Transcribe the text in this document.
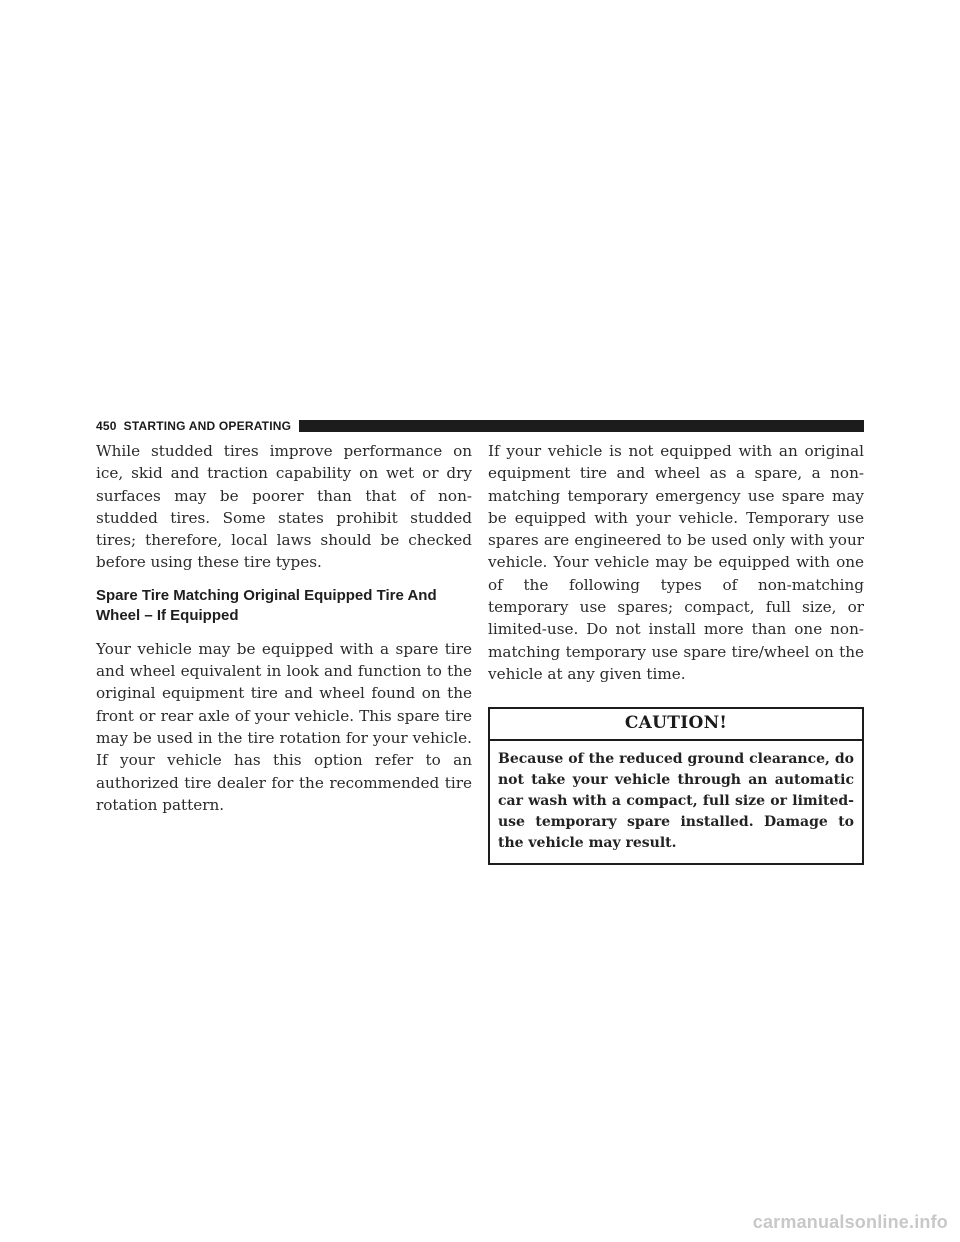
450 STARTING AND OPERATING

While studded tires improve performance on ice, skid and traction capability on wet or dry surfaces may be poorer than that of non-studded tires. Some states prohibit studded tires; therefore, local laws should be checked before using these tire types.

Spare Tire Matching Original Equipped Tire And Wheel – If Equipped

Your vehicle may be equipped with a spare tire and wheel equivalent in look and function to the original equipment tire and wheel found on the front or rear axle of your vehicle. This spare tire may be used in the tire rotation for your vehicle. If your vehicle has this option refer to an authorized tire dealer for the recommended tire rotation pattern.

If your vehicle is not equipped with an original equipment tire and wheel as a spare, a non-matching temporary emergency use spare may be equipped with your vehicle. Temporary use spares are engineered to be used only with your vehicle. Your vehicle may be equipped with one of the following types of non-matching temporary use spares; compact, full size, or limited-use. Do not install more than one non-matching temporary use spare tire/wheel on the vehicle at any given time.

CAUTION!
Because of the reduced ground clearance, do not take your vehicle through an automatic car wash with a compact, full size or limited-use temporary spare installed. Damage to the vehicle may result.
carmanualsonline.info
